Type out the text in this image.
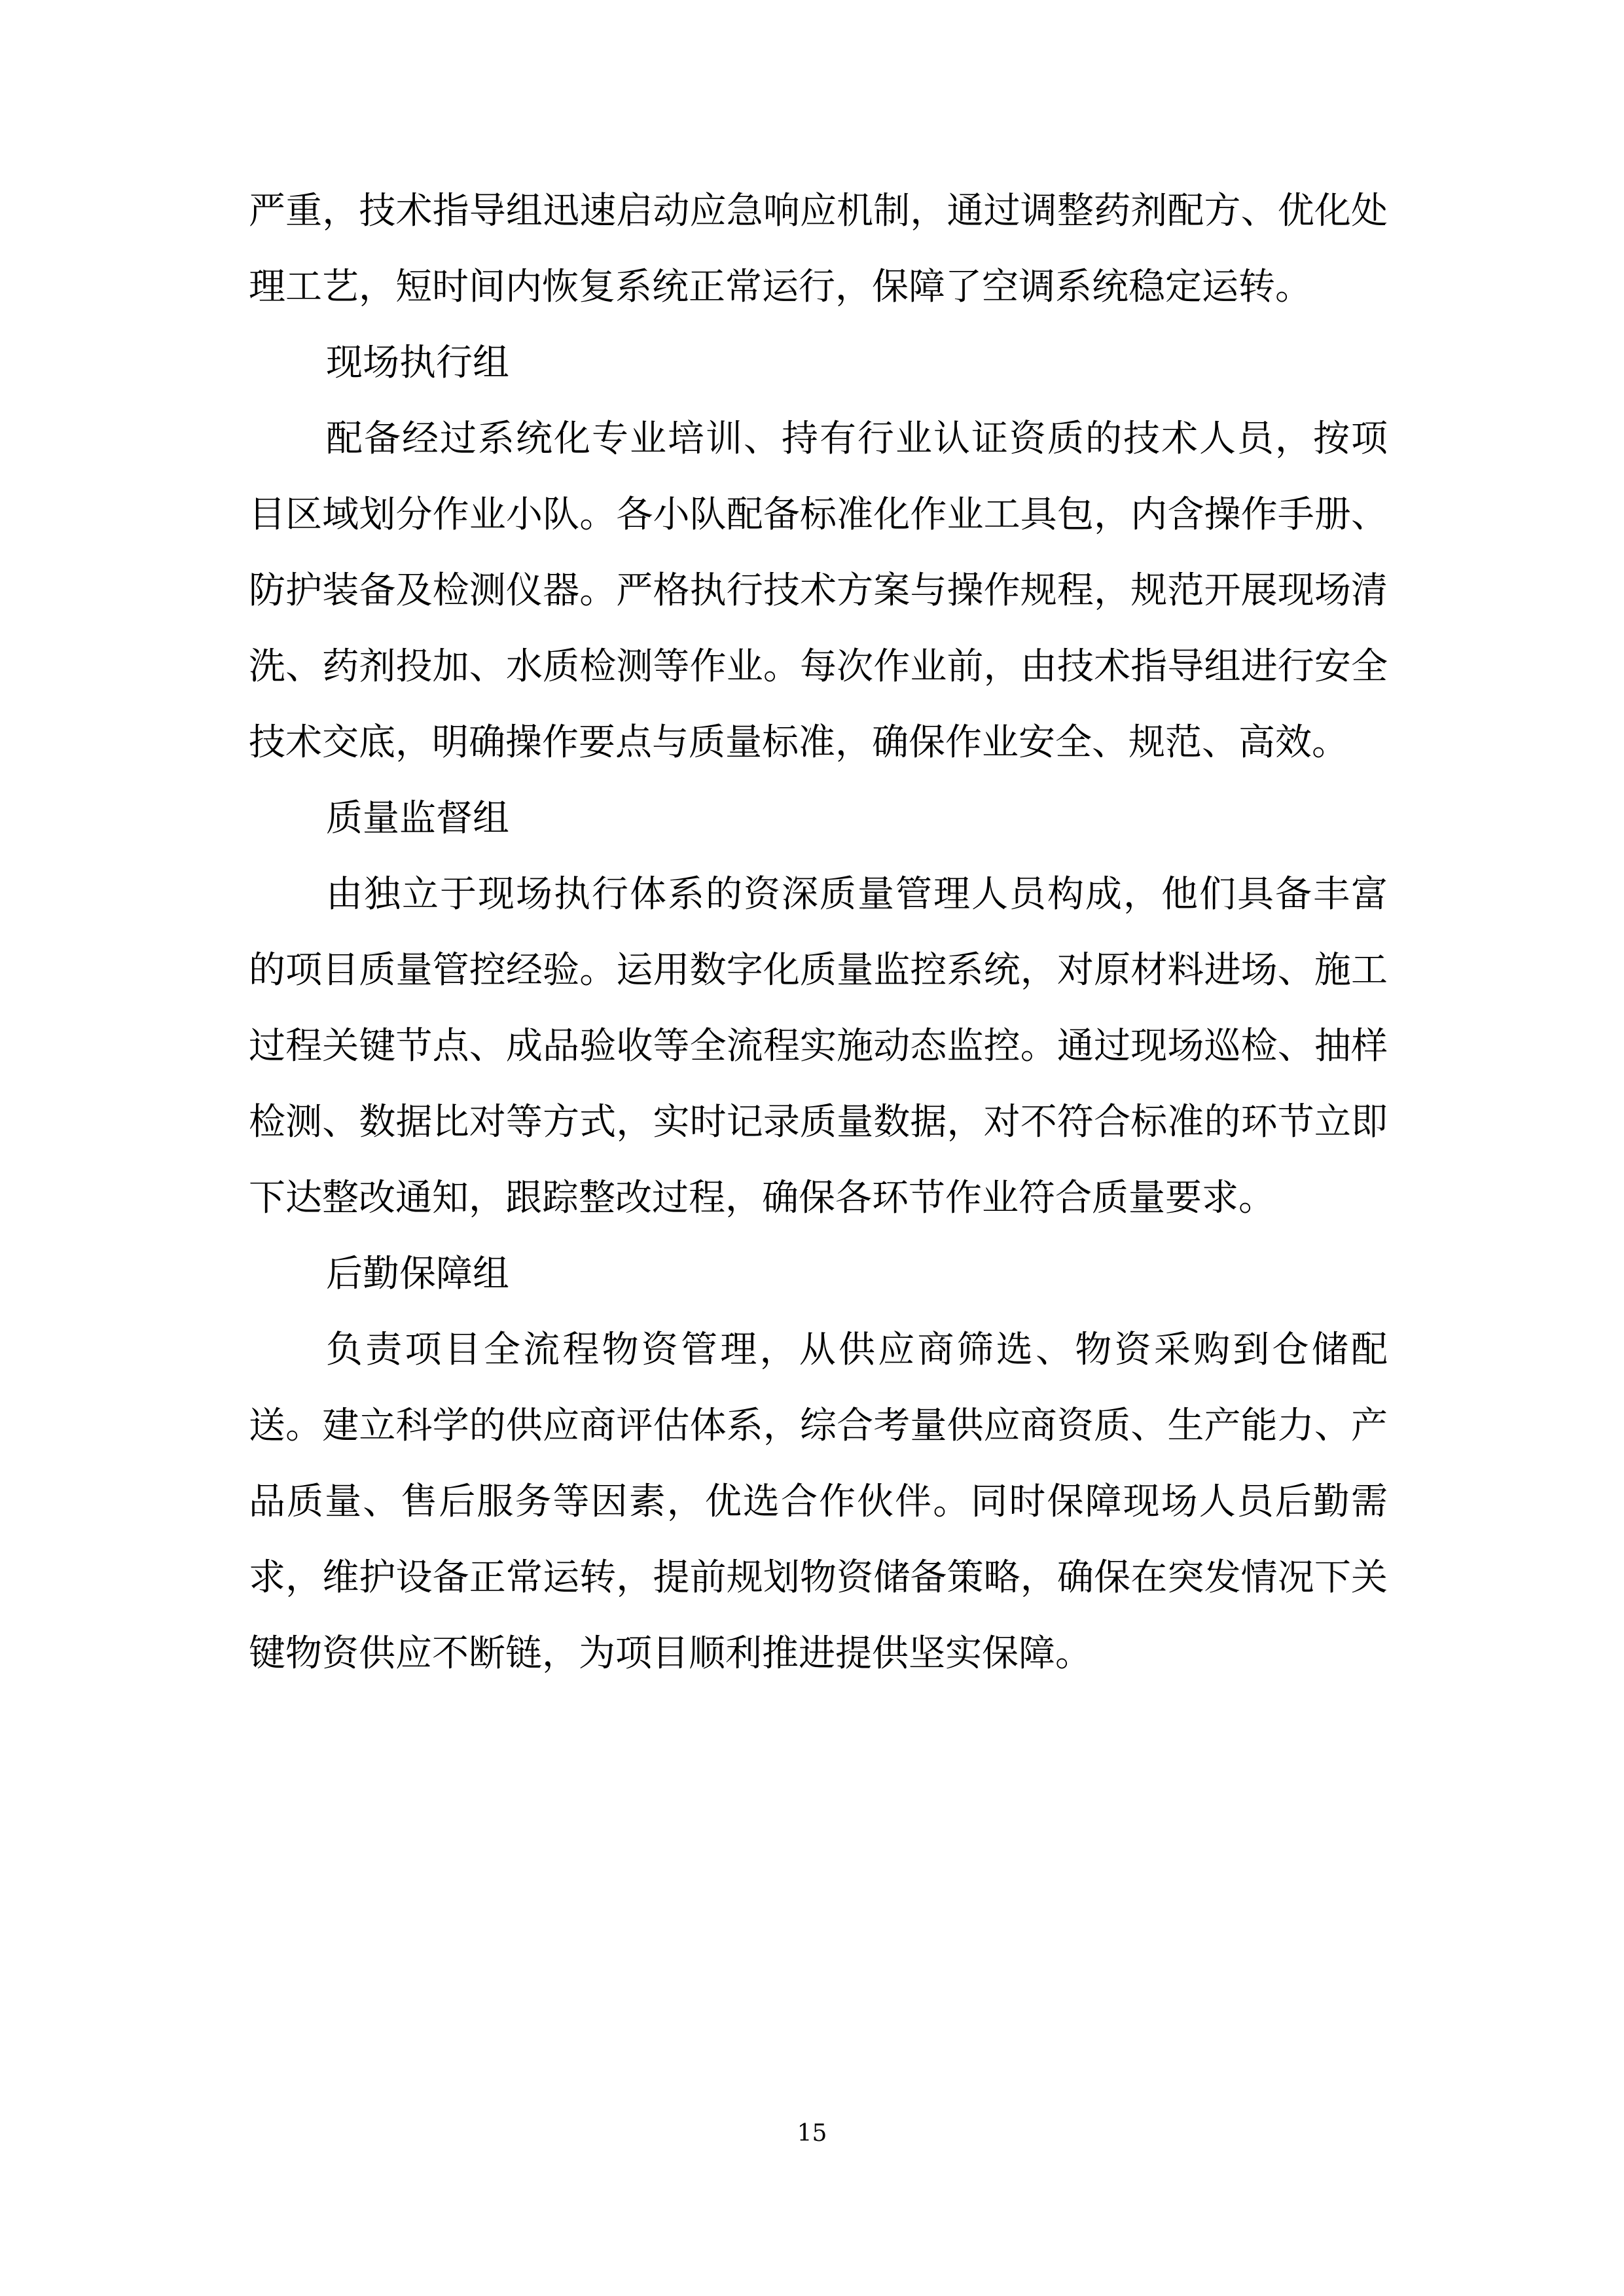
严重，技术指导组迅速启动应急响应机制，通过调整药剂配方、优化处理工艺，短时间内恢复系统正常运行，保障了空调系统稳定运转。

现场执行组

配备经过系统化专业培训、持有行业认证资质的技术人员，按项目区域划分作业小队。各小队配备标准化作业工具包，内含操作手册、防护装备及检测仪器。严格执行技术方案与操作规程，规范开展现场清洗、药剂投加、水质检测等作业。每次作业前，由技术指导组进行安全技术交底，明确操作要点与质量标准，确保作业安全、规范、高效。

质量监督组

由独立于现场执行体系的资深质量管理人员构成，他们具备丰富的项目质量管控经验。运用数字化质量监控系统，对原材料进场、施工过程关键节点、成品验收等全流程实施动态监控。通过现场巡检、抽样检测、数据比对等方式，实时记录质量数据，对不符合标准的环节立即下达整改通知，跟踪整改过程，确保各环节作业符合质量要求。

后勤保障组

负责项目全流程物资管理，从供应商筛选、物资采购到仓储配送。建立科学的供应商评估体系，综合考量供应商资质、生产能力、产品质量、售后服务等因素，优选合作伙伴。同时保障现场人员后勤需求，维护设备正常运转，提前规划物资储备策略，确保在突发情况下关键物资供应不断链，为项目顺利推进提供坚实保障。

15
